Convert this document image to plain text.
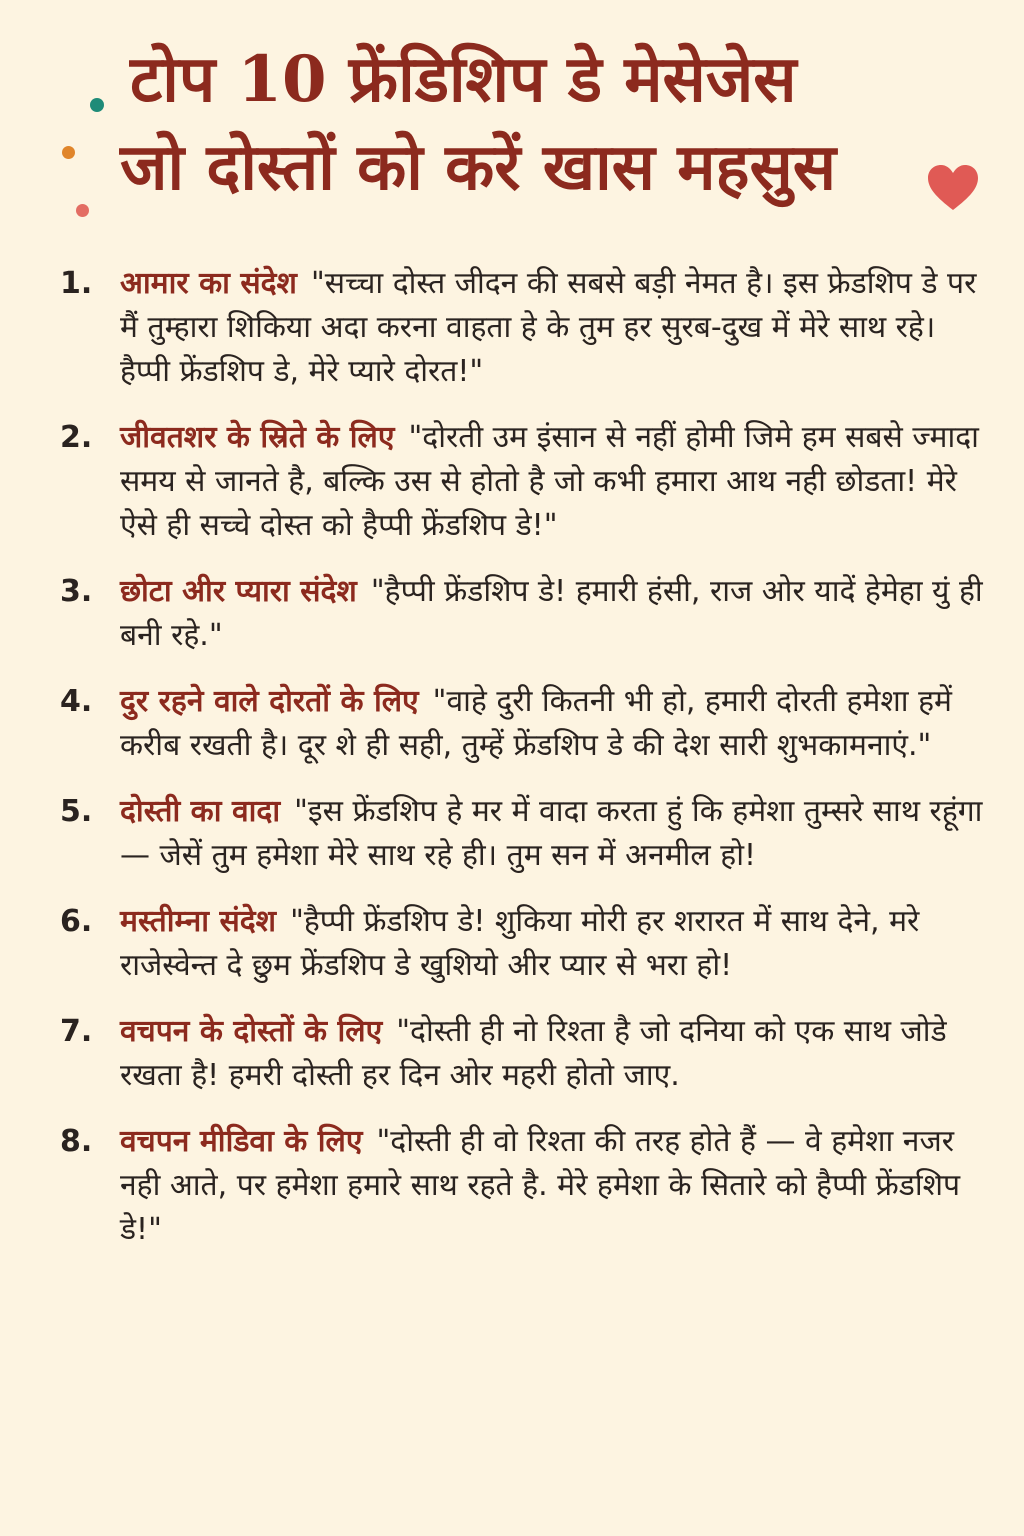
टोप 10 फ्रेंडिशिप डे मेसेजेस
जो दोस्तों को करें खास महसुस
1. आमार का संदेश "सच्चा दोस्त जीदन की सबसे बड़ी नेमत है। इस फ्रेडशिप डे पर मैं तुम्हारा शिकिया अदा करना वाहता हे के तुम हर सुरब-दुख में मेरे साथ रहे। हैप्पी फ्रेंडशिप डे, मेरे प्यारे दोरत!"
2. जीवतशर के स्रिते के लिए "दोरती उम इंसान से नहीं होमी जिमे हम सबसे ज्मादा समय से जानते है, बल्कि उस से होतो है जो कभी हमारा आथ नही छोडता! मेरे ऐसे ही सच्चे दोस्त को हैप्पी फ्रेंडशिप डे!"
3. छोटा अीर प्यारा संदेश "हैप्पी फ्रेंडशिप डे! हमारी हंसी, राज ओर यादें हेमेहा युं ही बनी रहे."
4. दुर रहने वाले दोरतों के लिए "वाहे दुरी कितनी भी हो, हमारी दोरती हमेशा हमें करीब रखती है। दूर शे ही सही, तुम्हें फ्रेंडशिप डे की देश सारी शुभकामनाएं."
5. दोस्ती का वादा "इस फ्रेंडशिप हे मर में वादा करता हुं कि हमेशा तुम्सरे साथ रहूंगा — जेसें तुम हमेशा मेरे साथ रहे ही। तुम सन में अनमील हो!
6. मस्तीम्ना संदेश "हैप्पी फ्रेंडशिप डे! शुकिया मोरी हर शरारत में साथ देने, मरे राजेस्वेन्त दे छुम फ्रेंडशिप डे खुशियो अीर प्यार से भरा हो!
7. वचपन के दोस्तों के लिए "दोस्ती ही नो रिश्ता है जो दनिया को एक साथ जोडे रखता है! हमरी दोस्ती हर दिन ओर महरी होतो जाए.
8. वचपन मीडिवा के लिए "दोस्ती ही वो रिश्ता की तरह होते हैं — वे हमेशा नजर नही आते, पर हमेशा हमारे साथ रहते है. मेरे हमेशा के सितारे को हैप्पी फ्रेंडशिप डे!"
